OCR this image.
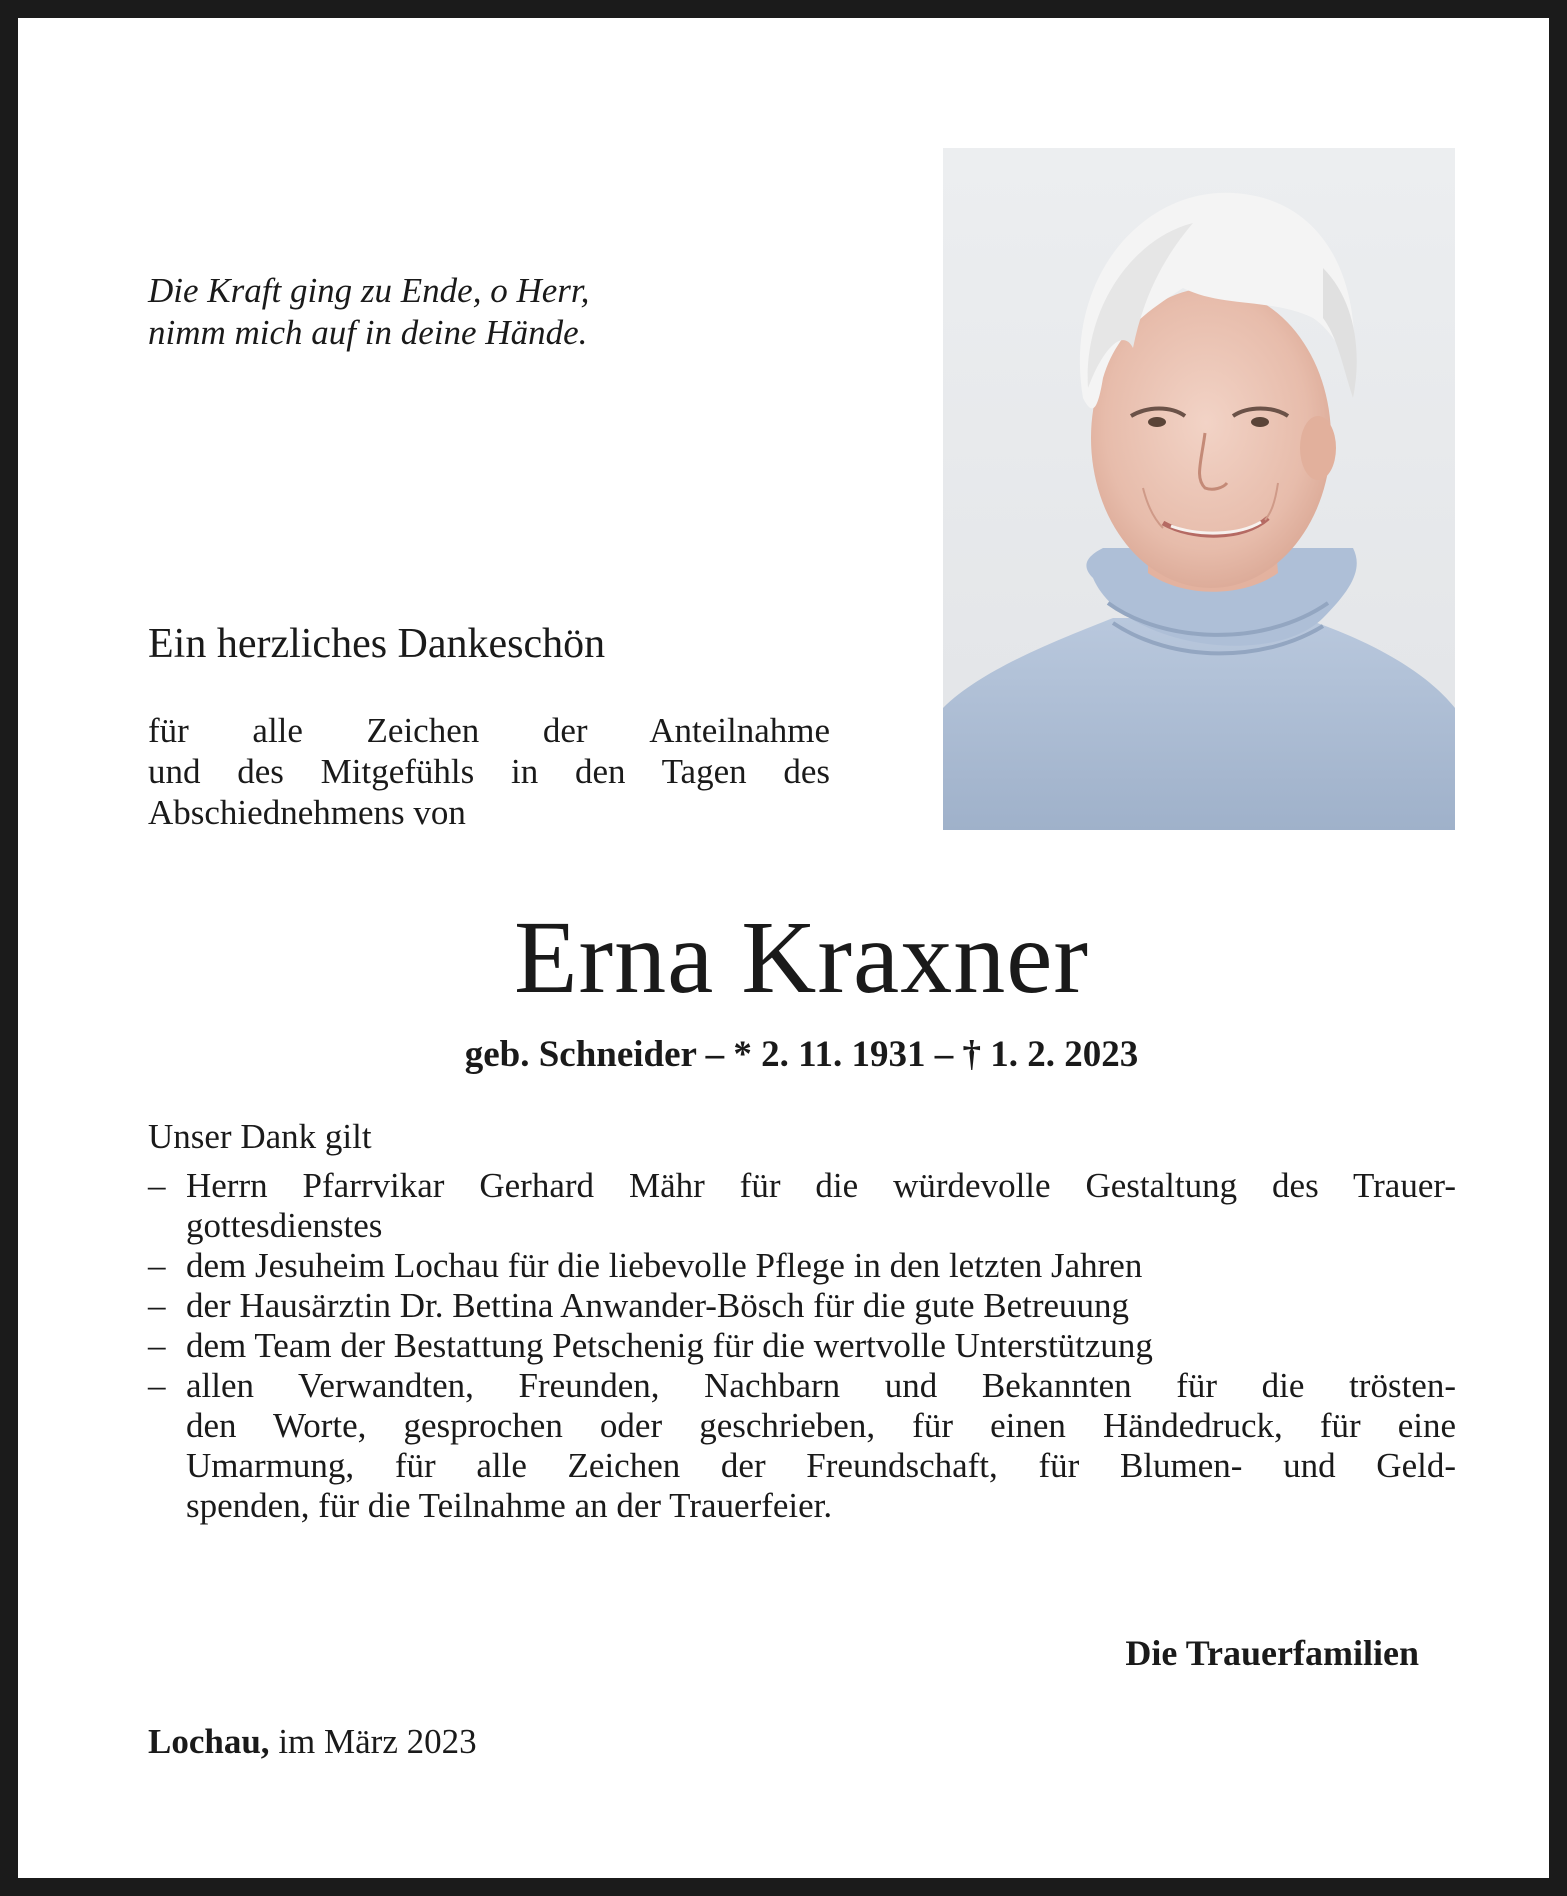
Die Kraft ging zu Ende, o Herr,
nimm mich auf in deine Hände.
Ein herzliches Dankeschön
für alle Zeichen der Anteilnahme
und des Mitgefühls in den Tagen des
Abschiednehmens von
Erna Kraxner
geb. Schneider – * 2. 11. 1931 – † 1. 2. 2023
Unser Dank gilt
– Herrn Pfarrvikar Gerhard Mähr für die würdevolle Gestaltung des Trauer-
gottesdienstes
– dem Jesuheim Lochau für die liebevolle Pflege in den letzten Jahren
– der Hausärztin Dr. Bettina Anwander-Bösch für die gute Betreuung
– dem Team der Bestattung Petschenig für die wertvolle Unterstützung
– allen Verwandten, Freunden, Nachbarn und Bekannten für die trösten-
den Worte, gesprochen oder geschrieben, für einen Händedruck, für eine
Umarmung, für alle Zeichen der Freundschaft, für Blumen- und Geld-
spenden, für die Teilnahme an der Trauerfeier.
Die Trauerfamilien
Lochau, im März 2023
